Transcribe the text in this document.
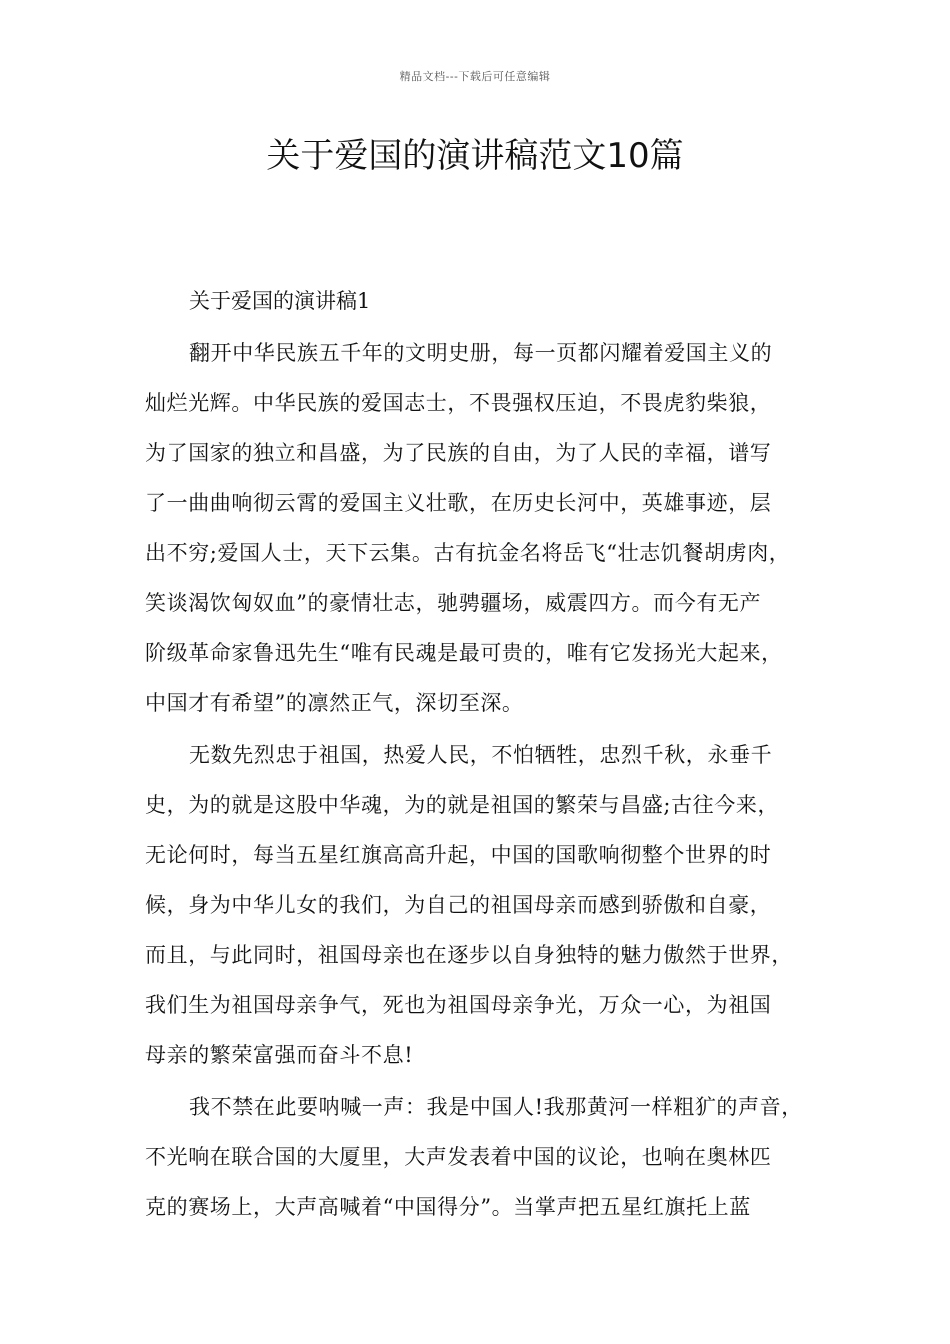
精品文档---下载后可任意编辑
关于爱国的演讲稿范文10篇
关于爱国的演讲稿1
翻开中华民族五千年的文明史册，每一页都闪耀着爱国主义的
灿烂光辉。中华民族的爱国志士，不畏强权压迫，不畏虎豹柴狼，
为了国家的独立和昌盛，为了民族的自由，为了人民的幸福，谱写
了一曲曲响彻云霄的爱国主义壮歌，在历史长河中，英雄事迹，层
出不穷;爱国人士，天下云集。古有抗金名将岳飞“壮志饥餐胡虏肉，
笑谈渴饮匈奴血”的豪情壮志，驰骋疆场，威震四方。而今有无产
阶级革命家鲁迅先生“唯有民魂是最可贵的，唯有它发扬光大起来，
中国才有希望”的凛然正气，深切至深。
无数先烈忠于祖国，热爱人民，不怕牺牲，忠烈千秋，永垂千
史，为的就是这股中华魂，为的就是祖国的繁荣与昌盛;古往今来，
无论何时，每当五星红旗高高升起，中国的国歌响彻整个世界的时
候，身为中华儿女的我们，为自己的祖国母亲而感到骄傲和自豪，
而且，与此同时，祖国母亲也在逐步以自身独特的魅力傲然于世界，
我们生为祖国母亲争气，死也为祖国母亲争光，万众一心，为祖国
母亲的繁荣富强而奋斗不息!
我不禁在此要呐喊一声：我是中国人!我那黄河一样粗犷的声音，
不光响在联合国的大厦里，大声发表着中国的议论，也响在奥林匹
克的赛场上，大声高喊着“中国得分”。当掌声把五星红旗托上蓝
